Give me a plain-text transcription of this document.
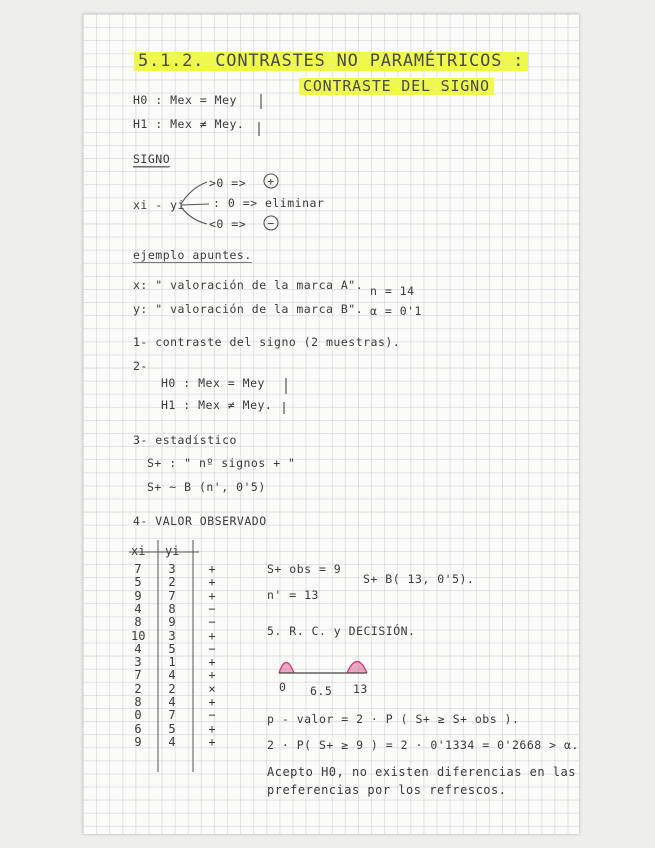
5.1.2. CONTRASTES NO PARAMÉTRICOS :
CONTRASTE DEL SIGNO
H0 : Mex = Mey
H1 : Mex ≠ Mey.
SIGNO
xi - yi
>0 =>
: 0 => eliminar
<0 =>
+
−
ejemplo apuntes.
x: " valoración de la marca A".
y: " valoración de la marca B".
n = 14
α = 0'1
1- contraste del signo (2 muestras).
2-
H0 : Mex = Mey
H1 : Mex ≠ Mey.
3- estadístico
S+ : " nº signos + "
S+ ~ B (n', 0'5)
4- VALOR OBSERVADO
S+ obs = 9
S+ B( 13, 0'5).
n' = 13
5. R. C. y DECISIÓN.
0 6.5 13
p - valor = 2 · P ( S+ ≥ S+ obs ).
2 · P( S+ ≥ 9 ) = 2 · 0'1334 = 0'2668 > α.
Acepto H0, no existen diferencias en las
preferencias por los refrescos.
xi yi
7 3	+
5 2	+
9 7	+
4 8	−
8 9	−
10 3	+
4 5	−
3 1	+
7 4	+
2 2	×
8 4	+
0 7	−
6 5	+
9 4	+
